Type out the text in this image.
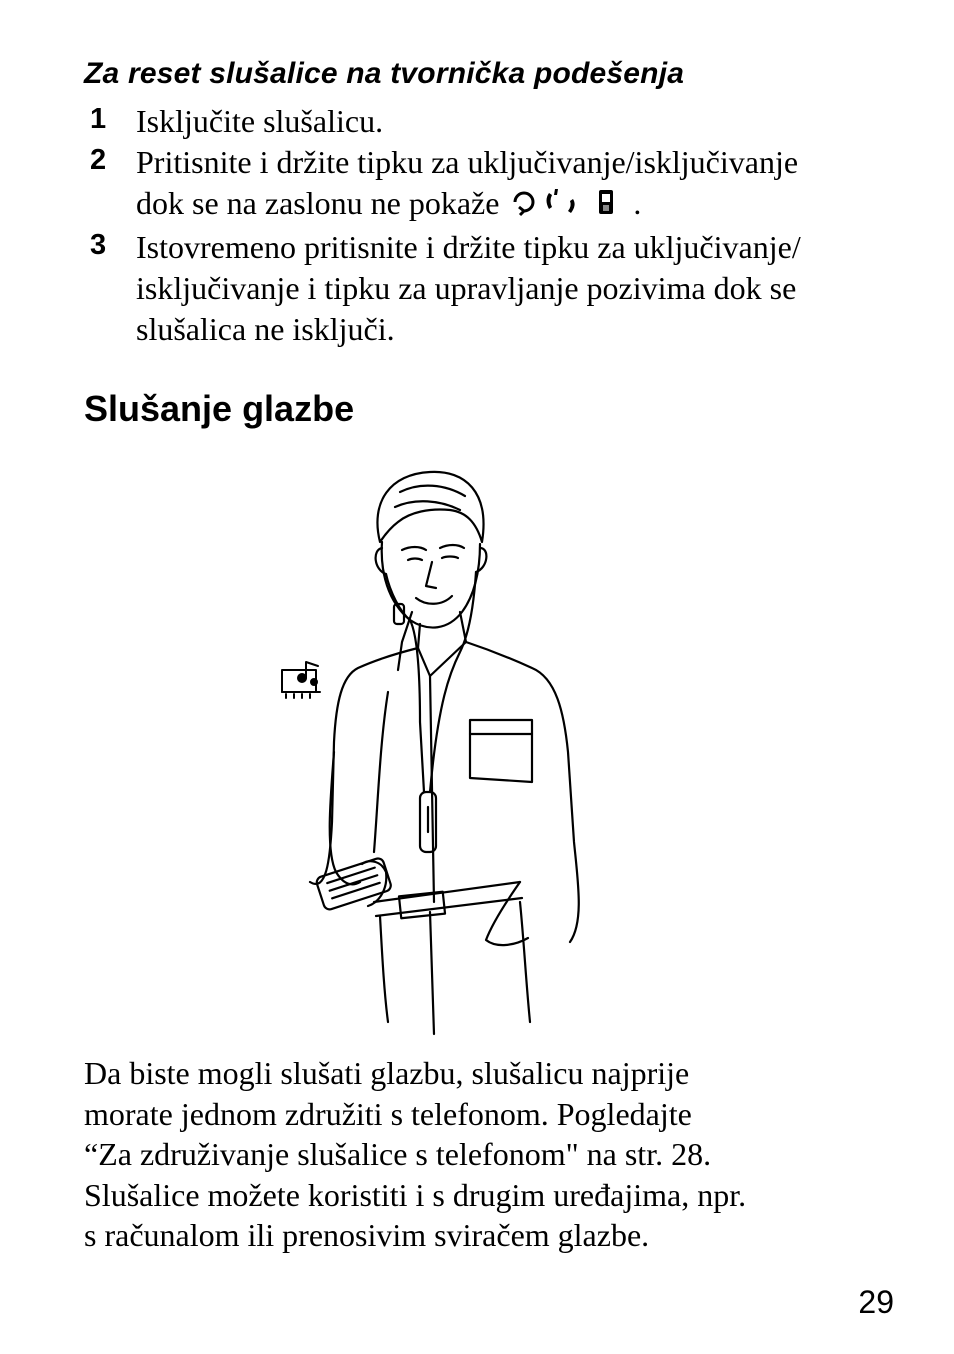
Za reset slušalice na tvornička podešenja
1 Isključite slušalicu.
2 Pritisnite i držite tipku za uključivanje/isključivanje
dok se na zaslonu ne pokaže	.
3 Istovremeno pritisnite i držite tipku za uključivanje/
isključivanje i tipku za upravljanje pozivima dok se
slušalica ne isključi.
Slušanje glazbe
Da biste mogli slušati glazbu, slušalicu najprije
morate jednom združiti s telefonom. Pogledajte
“Za združivanje slušalice s telefonom" na str. 28.
Slušalice možete koristiti i s drugim uređajima, npr.
s računalom ili prenosivim sviračem glazbe.
29
